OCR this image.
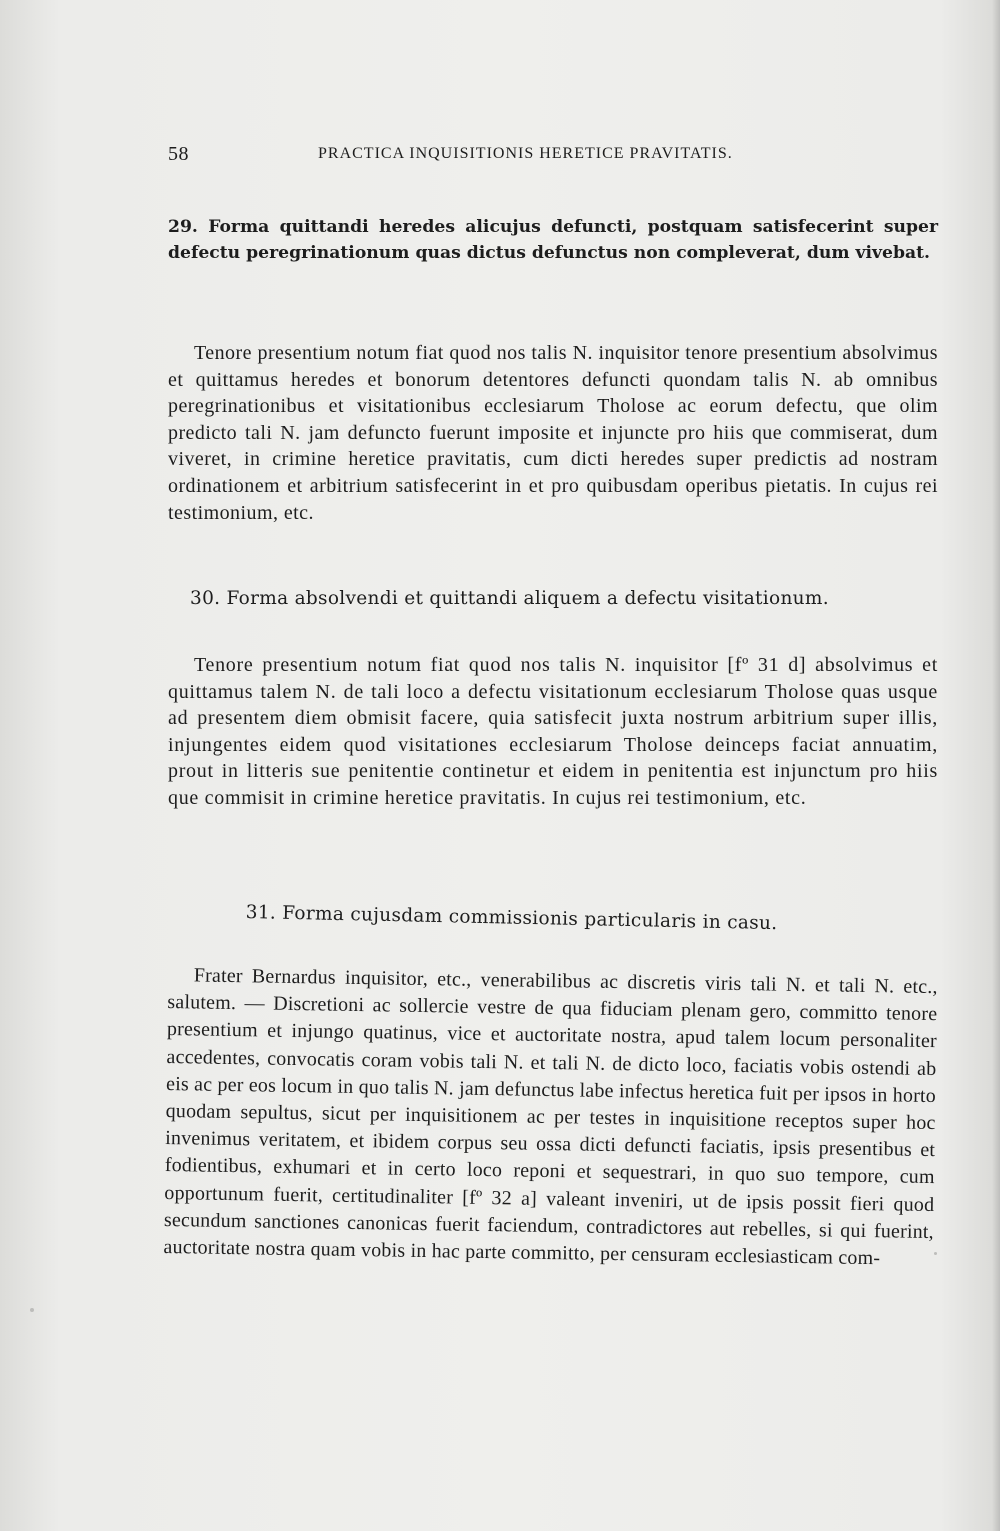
58	PRACTICA INQUISITIONIS HERETICE PRAVITATIS.
29. Forma quittandi heredes alicujus defuncti, postquam satisfecerint super defectu peregrinationum quas dictus defunctus non compleverat, dum vivebat.
Tenore presentium notum fiat quod nos talis N. inquisitor tenore presentium absolvimus et quittamus heredes et bonorum detentores defuncti quondam talis N. ab omnibus peregrinationibus et visitationibus ecclesiarum Tholose ac eorum defectu, que olim predicto tali N. jam defuncto fuerunt imposite et injuncte pro hiis que commiserat, dum viveret, in crimine heretice pravitatis, cum dicti heredes super predictis ad nostram ordinationem et arbitrium satisfecerint in et pro quibusdam operibus pietatis. In cujus rei testimonium, etc.
30. Forma absolvendi et quittandi aliquem a defectu visitationum.
Tenore presentium notum fiat quod nos talis N. inquisitor [fº 31 d] absolvimus et quittamus talem N. de tali loco a defectu visitationum ecclesiarum Tholose quas usque ad presentem diem obmisit facere, quia satisfecit juxta nostrum arbitrium super illis, injungentes eidem quod visitationes ecclesiarum Tholose deinceps faciat annuatim, prout in litteris sue penitentie continetur et eidem in penitentia est injunctum pro hiis que commisit in crimine heretice pravitatis. In cujus rei testimonium, etc.
31. Forma cujusdam commissionis particularis in casu.
Frater Bernardus inquisitor, etc., venerabilibus ac discretis viris tali N. et tali N. etc., salutem. — Discretioni ac sollercie vestre de qua fiduciam plenam gero, committo tenore presentium et injungo quatinus, vice et auctoritate nostra, apud talem locum personaliter accedentes, convocatis coram vobis tali N. et tali N. de dicto loco, faciatis vobis ostendi ab eis ac per eos locum in quo talis N. jam defunctus labe infectus heretica fuit per ipsos in horto quodam sepultus, sicut per inquisitionem ac per testes in inquisitione receptos super hoc invenimus veritatem, et ibidem corpus seu ossa dicti defuncti faciatis, ipsis presentibus et fodientibus, exhumari et in certo loco reponi et sequestrari, in quo suo tempore, cum opportunum fuerit, certitudinaliter [fº 32 a] valeant inveniri, ut de ipsis possit fieri quod secundum sanctiones canonicas fuerit faciendum, contradictores aut rebelles, si qui fuerint, auctoritate nostra quam vobis in hac parte committo, per censuram ecclesiasticam com-
